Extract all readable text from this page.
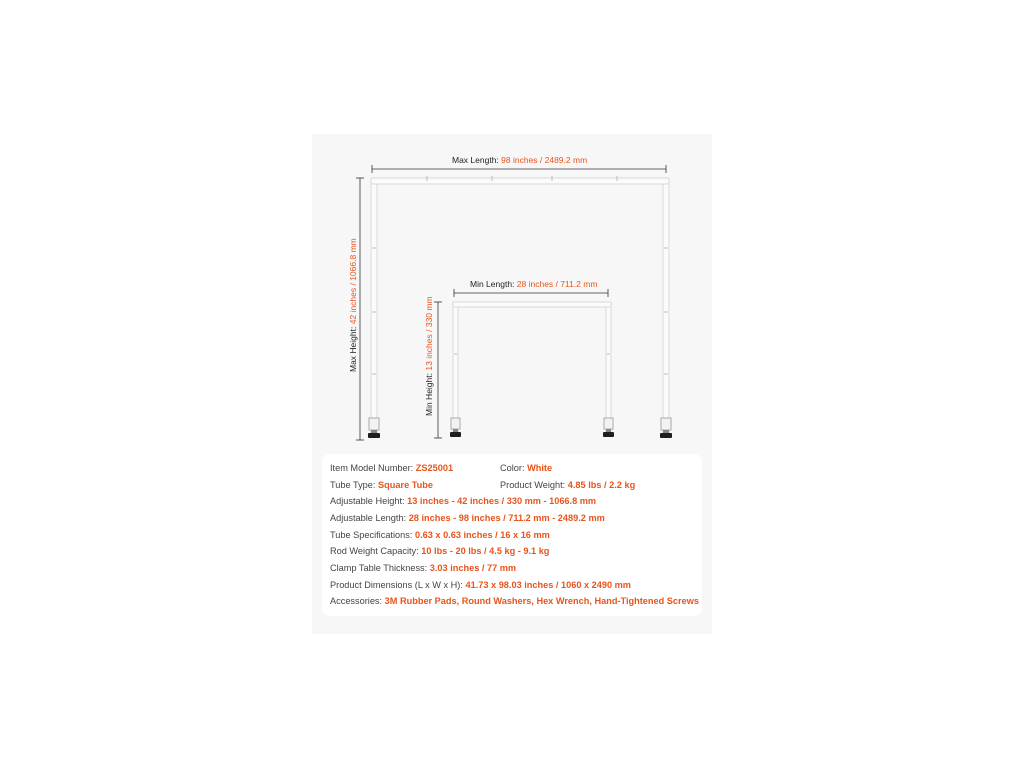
Max Length: 98 inches / 2489.2 mm
Min Length: 28 inches / 711.2 mm
Max Height: 42 inches / 1066.8 mm
Min Height: 13 inches / 330 mm
Item Model Number: ZS25001	Color: White
Tube Type: Square Tube	Product Weight: 4.85 lbs / 2.2 kg
Adjustable Height: 13 inches - 42 inches / 330 mm - 1066.8 mm
Adjustable Length: 28 inches - 98 inches / 711.2 mm - 2489.2 mm
Tube Specifications: 0.63 x 0.63 inches / 16 x 16 mm
Rod Weight Capacity: 10 lbs - 20 lbs / 4.5 kg - 9.1 kg
Clamp Table Thickness: 3.03 inches / 77 mm
Product Dimensions (L x W x H): 41.73 x 98.03 inches / 1060 x 2490 mm
Accessories: 3M Rubber Pads, Round Washers, Hex Wrench, Hand-Tightened Screws
